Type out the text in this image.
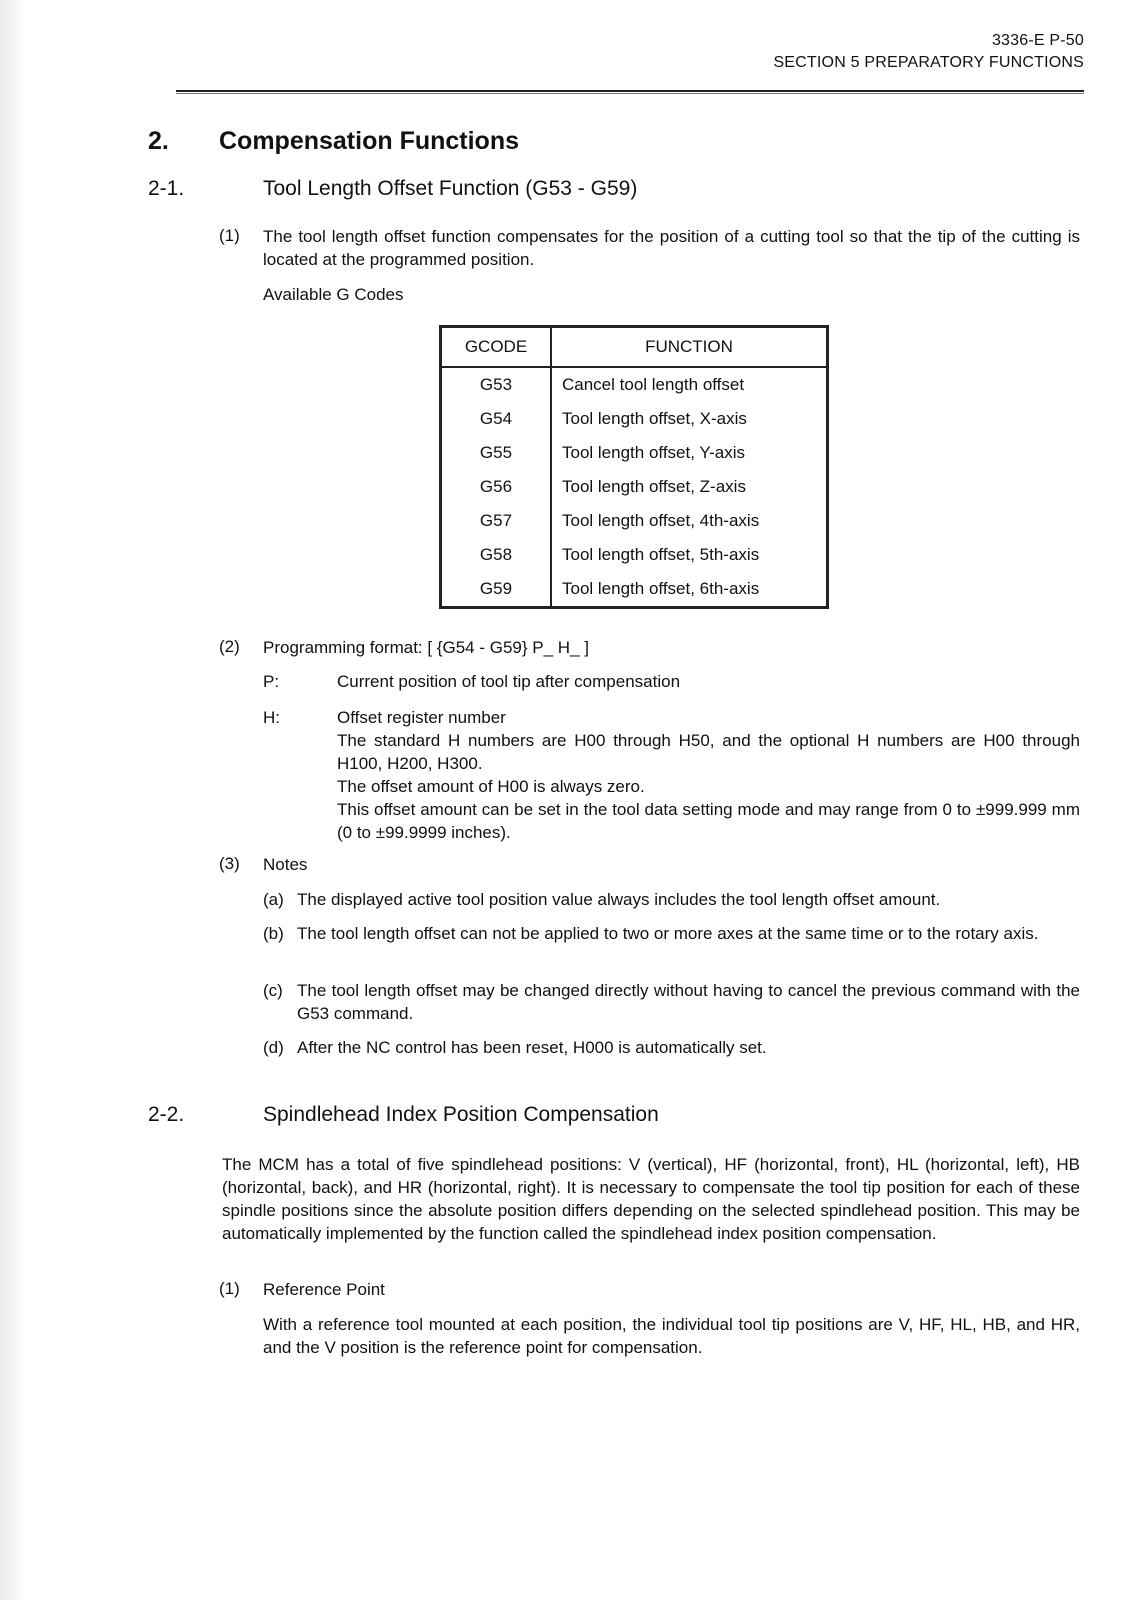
3336-E P-50
SECTION 5 PREPARATORY FUNCTIONS
2. Compensation Functions
2-1.	Tool Length Offset Function (G53 - G59)
(1) The tool length offset function compensates for the position of a cutting tool so that the tip of the cutting is located at the programmed position.
Available G Codes
GCODE	FUNCTION
G53	Cancel tool length offset
G54	Tool length offset, X-axis
G55	Tool length offset, Y-axis
G56	Tool length offset, Z-axis
G57	Tool length offset, 4th-axis
G58	Tool length offset, 5th-axis
G59	Tool length offset, 6th-axis
(2) Programming format: [ {G54 - G59} P_ H_ ]
P:	Current position of tool tip after compensation
H:	Offset register number
The standard H numbers are H00 through H50, and the optional H numbers are H00 through H100, H200, H300.
The offset amount of H00 is always zero.
This offset amount can be set in the tool data setting mode and may range from 0 to ±999.999 mm (0 to ±99.9999 inches).
(3) Notes
(a) The displayed active tool position value always includes the tool length offset amount.
(b) The tool length offset can not be applied to two or more axes at the same time or to the rotary axis.
(c) The tool length offset may be changed directly without having to cancel the previous command with the G53 command.
(d) After the NC control has been reset, H000 is automatically set.
2-2.	Spindlehead Index Position Compensation
The MCM has a total of five spindlehead positions: V (vertical), HF (horizontal, front), HL (horizontal, left), HB (horizontal, back), and HR (horizontal, right). It is necessary to compensate the tool tip position for each of these spindle positions since the absolute position differs depending on the selected spindlehead position. This may be automatically implemented by the function called the spindlehead index position compensation.
(1) Reference Point
With a reference tool mounted at each position, the individual tool tip positions are V, HF, HL, HB, and HR, and the V position is the reference point for compensation.
